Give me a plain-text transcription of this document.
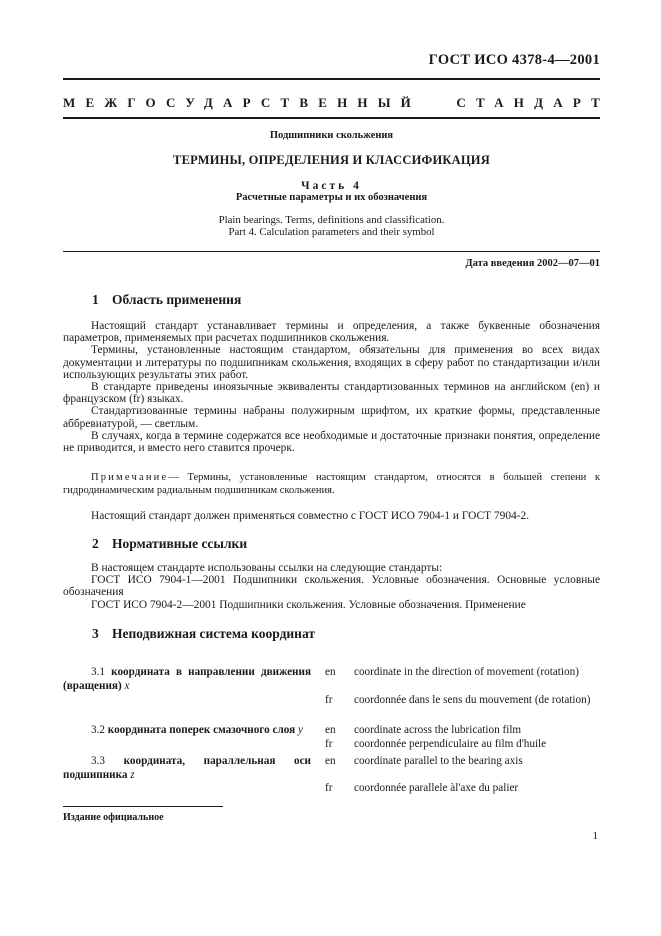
ГОСТ ИСО 4378-4—2001
МЕЖГОСУДАРСТВЕННЫЙ	СТАНДАРТ
Подшипники скольжения
ТЕРМИНЫ, ОПРЕДЕЛЕНИЯ И КЛАССИФИКАЦИЯ
Часть 4
Расчетные параметры и их обозначения
Plain bearings. Terms, definitions and classification.
Part 4. Calculation parameters and their symbol
Дата введения 2002—07—01
1 Область применения

Настоящий стандарт устанавливает термины и определения, а также буквенные обозначения параметров, применяемых при расчетах подшипников скольжения.

Термины, установленные настоящим стандартом, обязательны для применения во всех видах документации и литературы по подшипникам скольжения, входящих в сферу работ по стандартизации и/или использующих результаты этих работ.

В стандарте приведены иноязычные эквиваленты стандартизованных терминов на английском (en) и французском (fr) языках.

Стандартизованные термины набраны полужирным шрифтом, их краткие формы, представленные аббревиатурой, — светлым.

В случаях, когда в термине содержатся все необходимые и достаточные признаки понятия, определение не приводится, и вместо него ставится прочерк.

Примечание— Термины, установленные настоящим стандартом, относятся в большей степени к гидродинамическим радиальным подшипникам скольжения.
Настоящий стандарт должен применяться совместно с ГОСТ ИСО 7904-1 и ГОСТ 7904-2.
2 Нормативные ссылки

В настоящем стандарте использованы ссылки на следующие стандарты:

ГОСТ ИСО 7904-1—2001 Подшипники скольжения. Условные обозначения. Основные условные обозначения

ГОСТ ИСО 7904-2—2001 Подшипники скольжения. Условные обозначения. Применение

3 Неподвижная система координат
3.1 координата в направлении движения (вращения) x
en	coordinate in the direction of movement (rotation)
fr	coordonnée dans le sens du mouvement (de rotation)
3.2 координата поперек смазочного слоя y	en	coordinate across the lubrication film
fr	coordonnée perpendiculaire au film d'huile
3.3 координата, параллельная оси подшипника z
en	coordinate parallel to the bearing axis
fr	coordonnée parallele àl'axe du palier
Издание официальное
1
